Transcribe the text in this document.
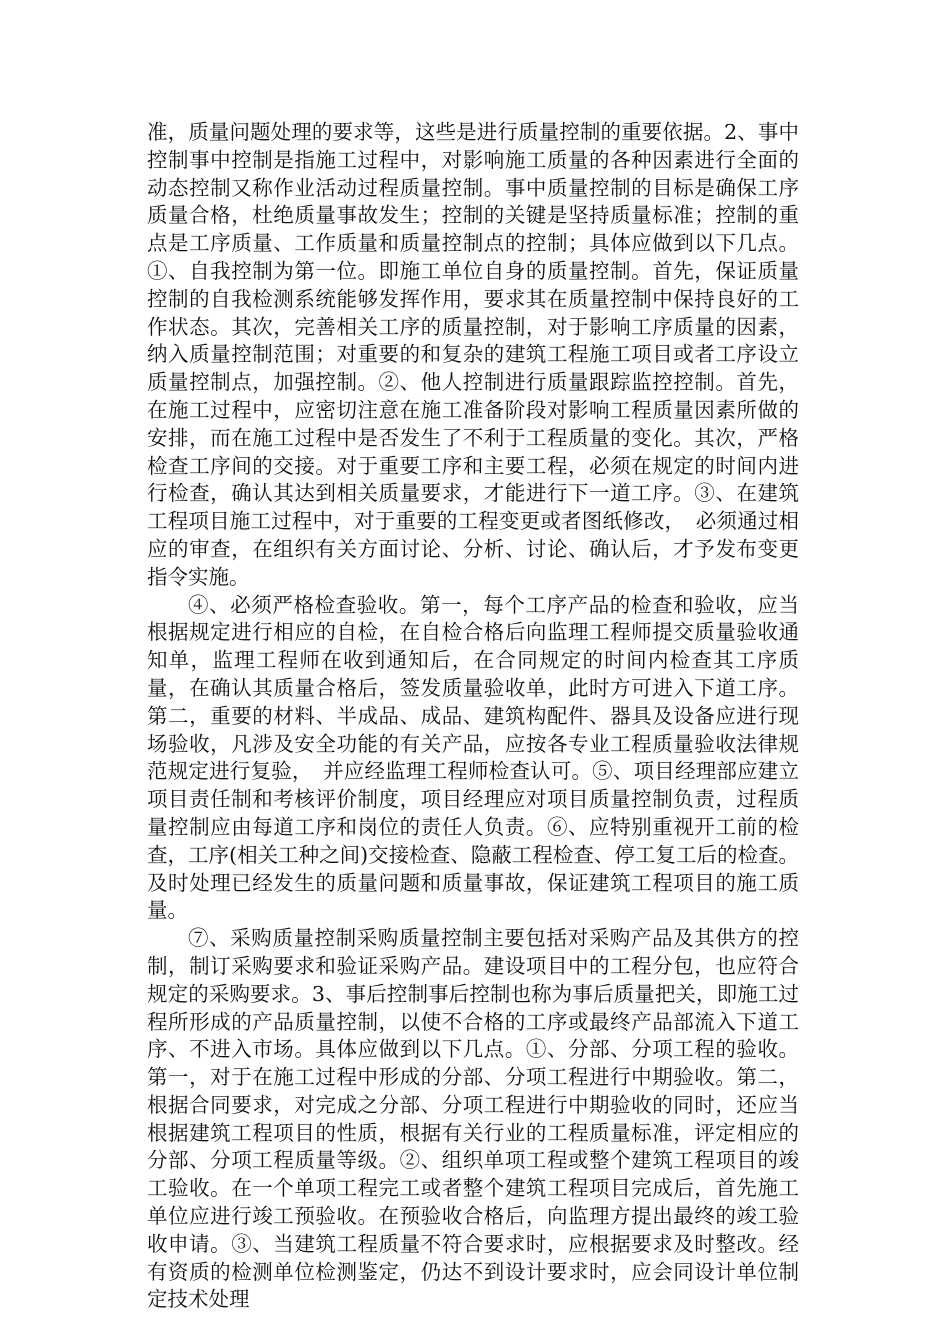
准，质量问题处理的要求等，这些是进行质量控制的重要依据。2、事中控制事中控制是指施工过程中，对影响施工质量的各种因素进行全面的动态控制又称作业活动过程质量控制。事中质量控制的目标是确保工序质量合格，杜绝质量事故发生；控制的关键是坚持质量标准；控制的重点是工序质量、工作质量和质量控制点的控制；具体应做到以下几点。①、自我控制为第一位。即施工单位自身的质量控制。首先，保证质量控制的自我检测系统能够发挥作用，要求其在质量控制中保持良好的工作状态。其次，完善相关工序的质量控制，对于影响工序质量的因素，纳入质量控制范围；对重要的和复杂的建筑工程施工项目或者工序设立质量控制点，加强控制。②、他人控制进行质量跟踪监控控制。首先，在施工过程中，应密切注意在施工准备阶段对影响工程质量因素所做的安排，而在施工过程中是否发生了不利于工程质量的变化。其次，严格检查工序间的交接。对于重要工序和主要工程，必须在规定的时间内进行检查，确认其达到相关质量要求，才能进行下一道工序。③、在建筑工程项目施工过程中，对于重要的工程变更或者图纸修改，　必须通过相应的审查，在组织有关方面讨论、分析、讨论、确认后，才予发布变更指令实施。

④、必须严格检查验收。第一，每个工序产品的检查和验收，应当根据规定进行相应的自检，在自检合格后向监理工程师提交质量验收通知单，监理工程师在收到通知后，在合同规定的时间内检查其工序质量，在确认其质量合格后，签发质量验收单，此时方可进入下道工序。第二，重要的材料、半成品、成品、建筑构配件、器具及设备应进行现场验收，凡涉及安全功能的有关产品，应按各专业工程质量验收法律规范规定进行复验，　并应经监理工程师检查认可。⑤、项目经理部应建立项目责任制和考核评价制度，项目经理应对项目质量控制负责，过程质量控制应由每道工序和岗位的责任人负责。⑥、应特别重视开工前的检查，工序(相关工种之间)交接检查、隐蔽工程检查、停工复工后的检查。及时处理已经发生的质量问题和质量事故，保证建筑工程项目的施工质量。

⑦、采购质量控制采购质量控制主要包括对采购产品及其供方的控制，制订采购要求和验证采购产品。建设项目中的工程分包，也应符合规定的采购要求。3、事后控制事后控制也称为事后质量把关，即施工过程所形成的产品质量控制，以使不合格的工序或最终产品部流入下道工序、不进入市场。具体应做到以下几点。①、分部、分项工程的验收。第一，对于在施工过程中形成的分部、分项工程进行中期验收。第二，根据合同要求，对完成之分部、分项工程进行中期验收的同时，还应当根据建筑工程项目的性质，根据有关行业的工程质量标准，评定相应的分部、分项工程质量等级。②、组织单项工程或整个建筑工程项目的竣工验收。在一个单项工程完工或者整个建筑工程项目完成后，首先施工单位应进行竣工预验收。在预验收合格后，向监理方提出最终的竣工验收申请。③、当建筑工程质量不符合要求时，应根据要求及时整改。经有资质的检测单位检测鉴定，仍达不到设计要求时，应会同设计单位制定技术处理
